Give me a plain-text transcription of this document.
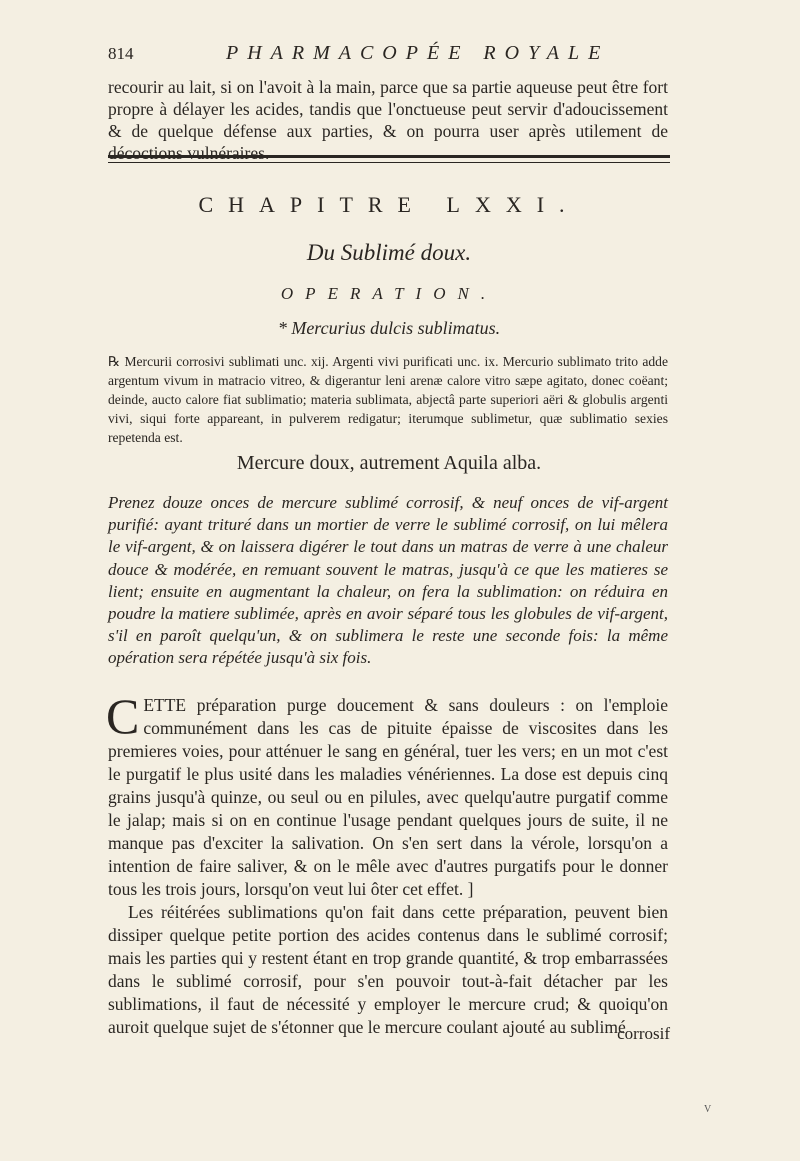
814	PHARMACOPÉE ROYALE
recourir au lait, si on l'avoit à la main, parce que sa partie aqueuse peut être fort propre à délayer les acides, tandis que l'onctueuse peut servir d'adoucissement & de quelque défense aux parties, & on pourra user après utilement de décoctions vulnéraires.
CHAPITRE LXXI.
Du Sublimé doux.
OPERATION.
* Mercurius dulcis sublimatus.
℞ Mercurii corrosivi sublimati unc. xij. Argenti vivi purificati unc. ix. Mercurio sublimato trito adde argentum vivum in matracio vitreo, & digerantur leni arenæ calore vitro sæpe agitato, donec coëant; deinde, aucto calore fiat sublimatio; materia sublimata, abjectâ parte superiori aëri & globulis argenti vivi, siqui forte appareant, in pulverem redigatur; iterumque sublimetur, quæ sublimatio sexies repetenda est.
Mercure doux, autrement Aquila alba.
Prenez douze onces de mercure sublimé corrosif, & neuf onces de vif-argent purifié: ayant trituré dans un mortier de verre le sublimé corrosif, on lui mêlera le vif-argent, & on laissera digérer le tout dans un matras de verre à une chaleur douce & modérée, en remuant souvent le matras, jusqu'à ce que les matieres se lient; ensuite en augmentant la chaleur, on fera la sublimation: on réduira en poudre la matiere sublimée, après en avoir séparé tous les globules de vif-argent, s'il en paroît quelqu'un, & on sublimera le reste une seconde fois: la même opération sera répétée jusqu'à six fois.

CETTE préparation purge doucement & sans douleurs : on l'emploie communément dans les cas de pituite épaisse de viscosites dans les premieres voies, pour atténuer le sang en général, tuer les vers; en un mot c'est le purgatif le plus usité dans les maladies vénériennes. La dose est depuis cinq grains jusqu'à quinze, ou seul ou en pilules, avec quelqu'autre purgatif comme le jalap; mais si on en continue l'usage pendant quelques jours de suite, il ne manque pas d'exciter la salivation. On s'en sert dans la vérole, lorsqu'on a intention de faire saliver, & on le mêle avec d'autres purgatifs pour le donner tous les trois jours, lorsqu'on veut lui ôter cet effet. ]

Les réitérées sublimations qu'on fait dans cette préparation, peuvent bien dissiper quelque petite portion des acides contenus dans le sublimé corrosif; mais les parties qui y restent étant en trop grande quantité, & trop embarrassées dans le sublimé corrosif, pour s'en pouvoir tout-à-fait détacher par les sublimations, il faut de nécessité y employer le mercure crud; & quoiqu'on auroit quelque sujet de s'étonner que le mercure coulant ajouté au sublimé

corrosif
V
